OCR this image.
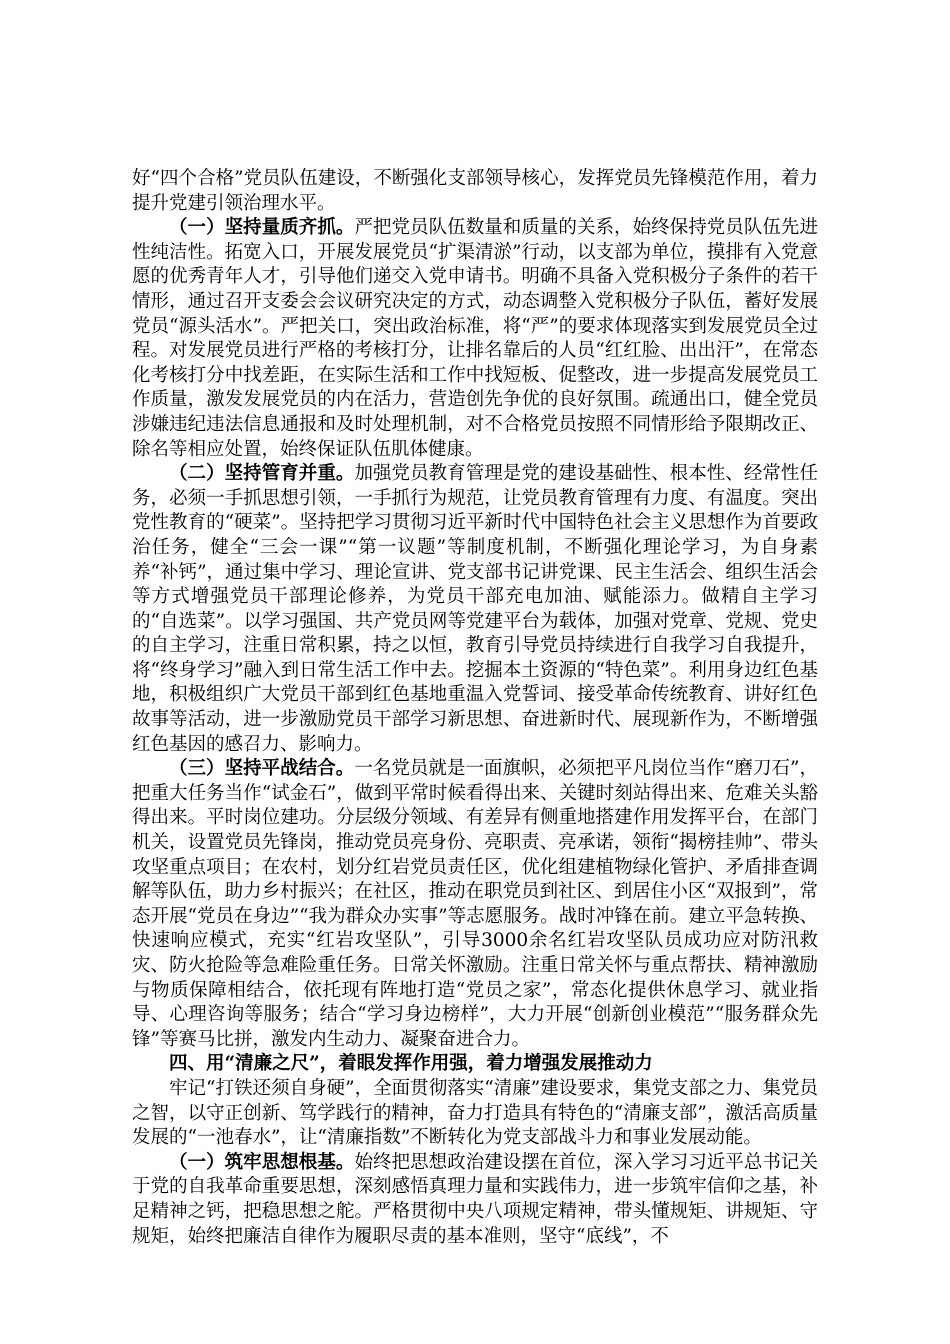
好“四个合格”党员队伍建设，不断强化支部领导核心，发挥党员先锋模范作用，着力提升党建引领治理水平。

（一）坚持量质齐抓。严把党员队伍数量和质量的关系，始终保持党员队伍先进性纯洁性。拓宽入口，开展发展党员“扩渠清淤”行动，以支部为单位，摸排有入党意愿的优秀青年人才，引导他们递交入党申请书。明确不具备入党积极分子条件的若干情形，通过召开支委会会议研究决定的方式，动态调整入党积极分子队伍，蓄好发展党员“源头活水”。严把关口，突出政治标准，将“严”的要求体现落实到发展党员全过程。对发展党员进行严格的考核打分，让排名靠后的人员“红红脸、出出汗”，在常态化考核打分中找差距，在实际生活和工作中找短板、促整改，进一步提高发展党员工作质量，激发发展党员的内在活力，营造创先争优的良好氛围。疏通出口，健全党员涉嫌违纪违法信息通报和及时处理机制，对不合格党员按照不同情形给予限期改正、除名等相应处置，始终保证队伍肌体健康。

（二）坚持管育并重。加强党员教育管理是党的建设基础性、根本性、经常性任务，必须一手抓思想引领，一手抓行为规范，让党员教育管理有力度、有温度。突出党性教育的“硬菜”。坚持把学习贯彻习近平新时代中国特色社会主义思想作为首要政治任务，健全“三会一课”“第一议题”等制度机制，不断强化理论学习，为自身素养“补钙”，通过集中学习、理论宣讲、党支部书记讲党课、民主生活会、组织生活会等方式增强党员干部理论修养，为党员干部充电加油、赋能添力。做精自主学习的“自选菜”。以学习强国、共产党员网等党建平台为载体，加强对党章、党规、党史的自主学习，注重日常积累，持之以恒，教育引导党员持续进行自我学习自我提升，将“终身学习”融入到日常生活工作中去。挖掘本土资源的“特色菜”。利用身边红色基地，积极组织广大党员干部到红色基地重温入党誓词、接受革命传统教育、讲好红色故事等活动，进一步激励党员干部学习新思想、奋进新时代、展现新作为，不断增强红色基因的感召力、影响力。

（三）坚持平战结合。一名党员就是一面旗帜，必须把平凡岗位当作“磨刀石”，把重大任务当作“试金石”，做到平常时候看得出来、关键时刻站得出来、危难关头豁得出来。平时岗位建功。分层级分领域、有差异有侧重地搭建作用发挥平台，在部门机关，设置党员先锋岗，推动党员亮身份、亮职责、亮承诺，领衔“揭榜挂帅”、带头攻坚重点项目；在农村，划分红岩党员责任区，优化组建植物绿化管护、矛盾排查调解等队伍，助力乡村振兴；在社区，推动在职党员到社区、到居住小区“双报到”，常态开展“党员在身边”“我为群众办实事”等志愿服务。战时冲锋在前。建立平急转换、快速响应模式，充实“红岩攻坚队”，引导3000余名红岩攻坚队员成功应对防汛救灾、防火抢险等急难险重任务。日常关怀激励。注重日常关怀与重点帮扶、精神激励与物质保障相结合，依托现有阵地打造“党员之家”，常态化提供休息学习、就业指导、心理咨询等服务；结合“学习身边榜样”，大力开展“创新创业模范”“服务群众先锋”等赛马比拼，激发内生动力、凝聚奋进合力。

四、用“清廉之尺”，着眼发挥作用强，着力增强发展推动力

牢记“打铁还须自身硬”，全面贯彻落实“清廉”建设要求，集党支部之力、集党员之智，以守正创新、笃学践行的精神，奋力打造具有特色的“清廉支部”，激活高质量发展的“一池春水”，让“清廉指数”不断转化为党支部战斗力和事业发展动能。

（一）筑牢思想根基。始终把思想政治建设摆在首位，深入学习习近平总书记关于党的自我革命重要思想，深刻感悟真理力量和实践伟力，进一步筑牢信仰之基，补足精神之钙，把稳思想之舵。严格贯彻中央八项规定精神，带头懂规矩、讲规矩、守规矩，始终把廉洁自律作为履职尽责的基本准则，坚守“底线”，不
